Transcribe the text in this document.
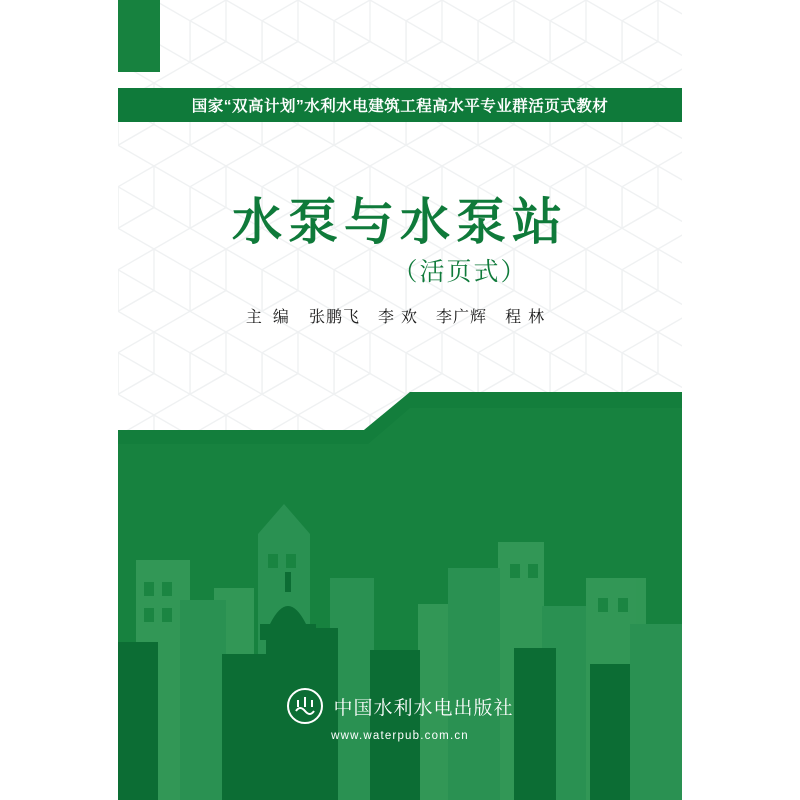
国家“双高计划”水利水电建筑工程高水平专业群活页式教材
水泵与水泵站
（活页式）
主 编 张鹏飞 李 欢 李广辉 程 林
中国水利水电出版社
www.waterpub.com.cn
